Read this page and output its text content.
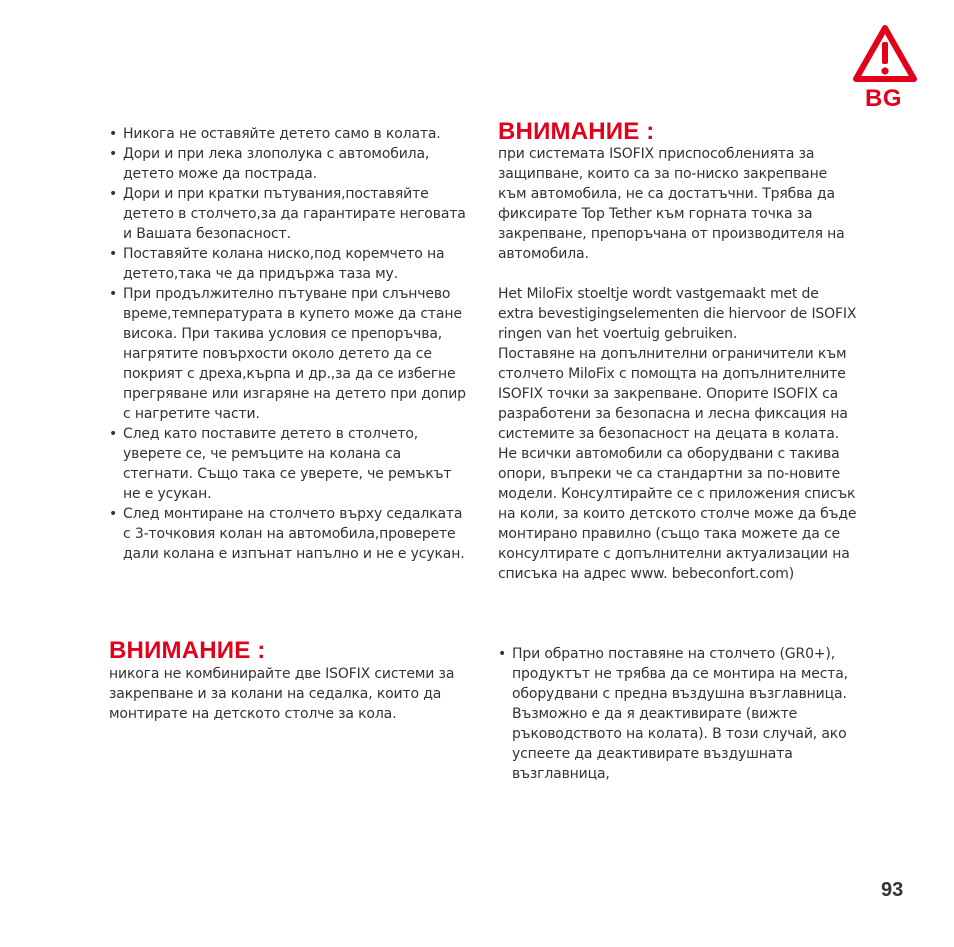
BG
• Никога не оставяйте детето само в колата.
• Дори и при лека злополука с автомобила, детето може да пострада.
• Дори и при кратки пътувания,поставяйте детето в столчето,за да гарантирате неговата и Вашата безопасност.
• Поставяйте колана ниско,под коремчето на детето,така че да придържа таза му.
• При продължително пътуване при слънчево време,температурата в купето може да стане висока. При такива условия се препоръчва, нагрятите повърхости около детето да се покрият с дреха,кърпа и др.,за да се избегне прегряване или изгаряне на детето при допир с нагретите части.
• След като поставите детето в столчето, уверете се, че ремъците на колана са стегнати. Също така се уверете, че ремъкът не е усукан.
• След монтиране на столчето върху седалката с 3-точковия колан на автомобила,проверете дали колана е изпънат напълно и не е усукан.
ВНИМАНИЕ :

никога не комбинирайте две ISOFIX системи за закрепване и за колани на седалка, които да монтирате на детското столче за кола.

ВНИМАНИЕ :

при системата ISOFIX приспособленията за защипване, които са за по-ниско закрепване към автомобила, не са достатъчни. Трябва да фиксирате Top Tether към горната точка за закрепване, препоръчана от производителя на автомобила.

Het MiloFix stoeltje wordt vastgemaakt met de extra bevestigingselementen die hiervoor de ISOFIX ringen van het voertuig gebruiken.

Поставяне на допълнителни ограничители към столчето MiloFix с помощта на допълнителните ISOFIX точки за закрепване. Опорите ISOFIX са разработени за безопасна и лесна фиксация на системите за безопасност на децата в колата. Не всички автомобили са оборудвани с такива опори, въпреки че са стандартни за по-новите модели. Консултирайте се с приложения списък на коли, за които детското столче може да бъде монтирано правилно (също така можете да се консултирате с допълнителни актуализации на списъка на адрес www. bebeconfort.com)

• При обратно поставяне на столчето (GR0+), продуктът не трябва да се монтира на места, оборудвани с предна въздушна възглавница. Възможно е да я деактивирате (вижте ръководството на колата). В този случай, ако успеете да деактивирате въздушната възглавница,
93
